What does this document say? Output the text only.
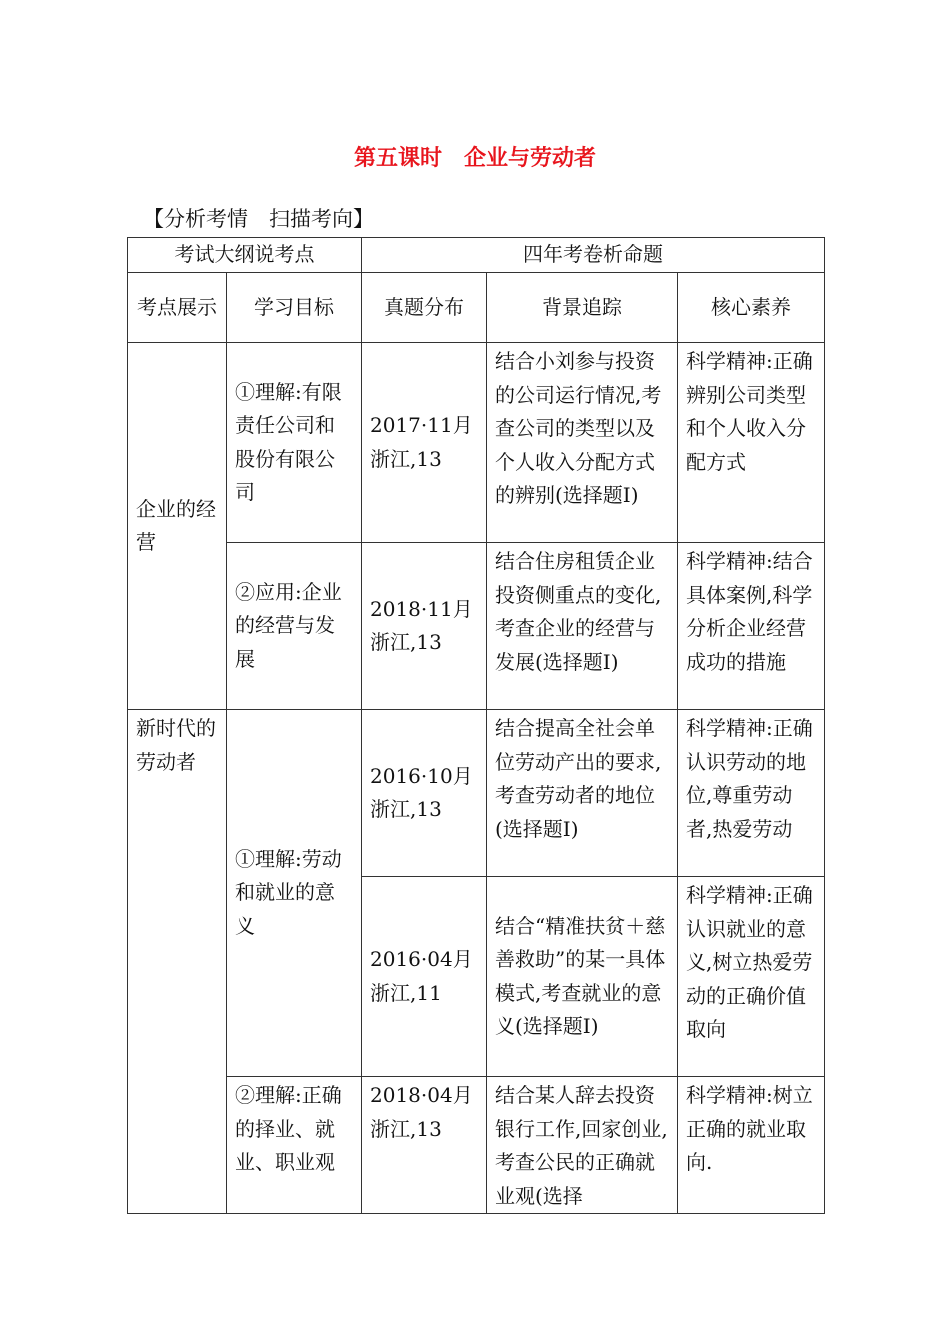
第五课时　企业与劳动者
【分析考情　扫描考向】
考试大纲说考点		四年考卷析命题		

考点展示	学习目标	真题分布	背景追踪	核心素养

企业的经营	①理解:有限责任公司和股份有限公司	2017·11月浙江,13	结合小刘参与投资的公司运行情况,考查公司的类型以及个人收入分配方式的辨别(选择题Ⅰ)	科学精神:正确辨别公司类型和个人收入分配方式

	②应用:企业的经营与发展	2018·11月浙江,13	结合住房租赁企业投资侧重点的变化,考查企业的经营与发展(选择题Ⅰ)	科学精神:结合具体案例,科学分析企业经营成功的措施

新时代的劳动者	①理解:劳动和就业的意义	2016·10月浙江,13	结合提高全社会单位劳动产出的要求,考查劳动者的地位(选择题Ⅰ)	科学精神:正确认识劳动的地位,尊重劳动者,热爱劳动

		2016·04月浙江,11	结合“精准扶贫＋慈善救助”的某一具体模式,考查就业的意义(选择题Ⅰ)	科学精神:正确认识就业的意义,树立热爱劳动的正确价值取向

	②理解:正确的择业、就业、职业观	2018·04月浙江,13	结合某人辞去投资银行工作,回家创业,考查公民的正确就业观(选择	科学精神:树立正确的就业取向.
